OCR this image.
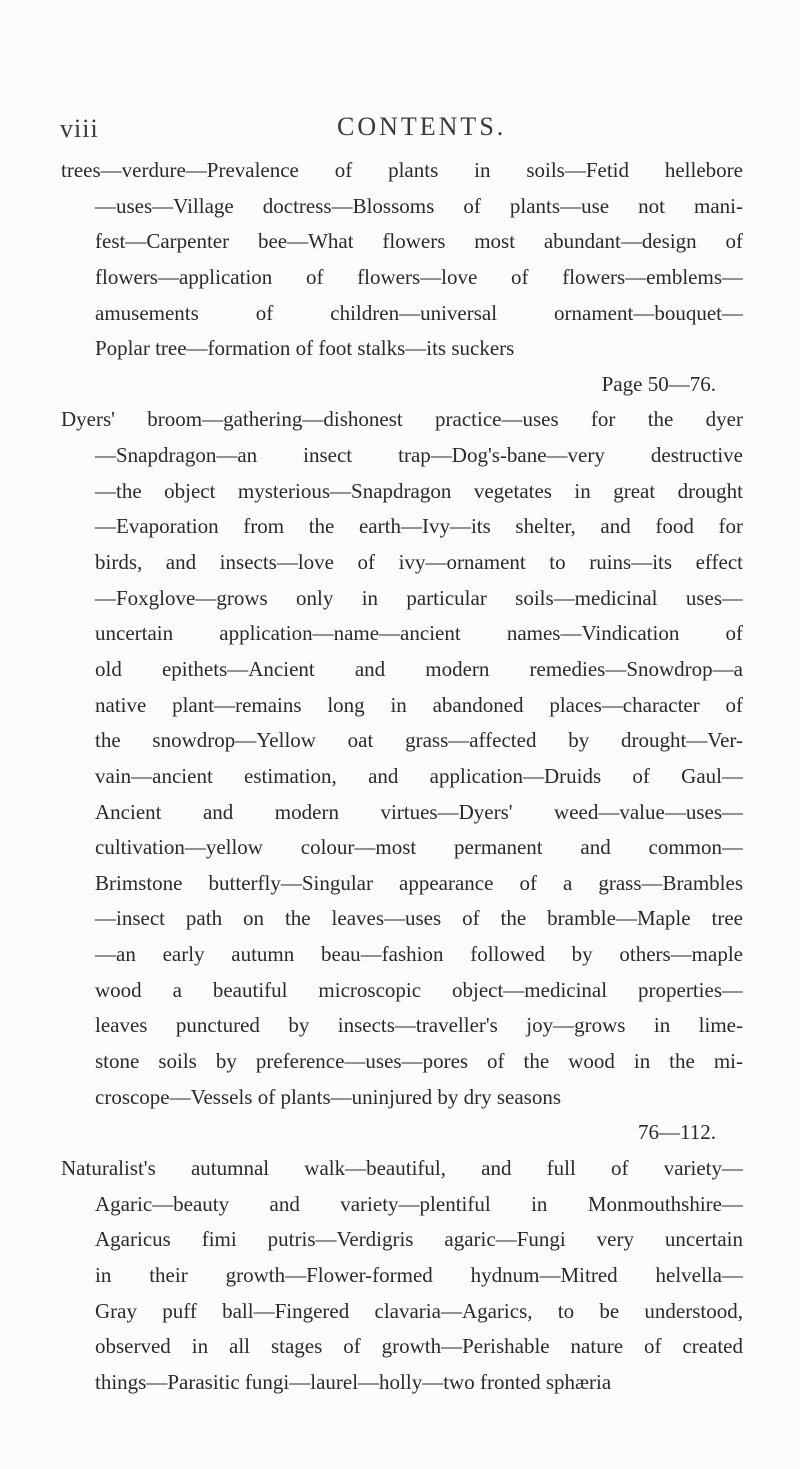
viii	CONTENTS.
trees—verdure—Prevalence of plants in soils—Fetid hellebore
—uses—Village doctress—Blossoms of plants—use not mani-
fest—Carpenter bee—What flowers most abundant—design of
flowers—application of flowers—love of flowers—emblems—
amusements of children—universal ornament—bouquet—
Poplar tree—formation of foot stalks—its suckers
Page 50—76.
Dyers' broom—gathering—dishonest practice—uses for the dyer
—Snapdragon—an insect trap—Dog's-bane—very destructive
—the object mysterious—Snapdragon vegetates in great drought
—Evaporation from the earth—Ivy—its shelter, and food for
birds, and insects—love of ivy—ornament to ruins—its effect
—Foxglove—grows only in particular soils—medicinal uses—
uncertain application—name—ancient names—Vindication of
old epithets—Ancient and modern remedies—Snowdrop—a
native plant—remains long in abandoned places—character of
the snowdrop—Yellow oat grass—affected by drought—Ver-
vain—ancient estimation, and application—Druids of Gaul—
Ancient and modern virtues—Dyers' weed—value—uses—
cultivation—yellow colour—most permanent and common—
Brimstone butterfly—Singular appearance of a grass—Brambles
—insect path on the leaves—uses of the bramble—Maple tree
—an early autumn beau—fashion followed by others—maple
wood a beautiful microscopic object—medicinal properties—
leaves punctured by insects—traveller's joy—grows in lime-
stone soils by preference—uses—pores of the wood in the mi-
croscope—Vessels of plants—uninjured by dry seasons
76—112.
Naturalist's autumnal walk—beautiful, and full of variety—
Agaric—beauty and variety—plentiful in Monmouthshire—
Agaricus fimi putris—Verdigris agaric—Fungi very uncertain
in their growth—Flower-formed hydnum—Mitred helvella—
Gray puff ball—Fingered clavaria—Agarics, to be understood,
observed in all stages of growth—Perishable nature of created
things—Parasitic fungi—laurel—holly—two fronted sphæria
